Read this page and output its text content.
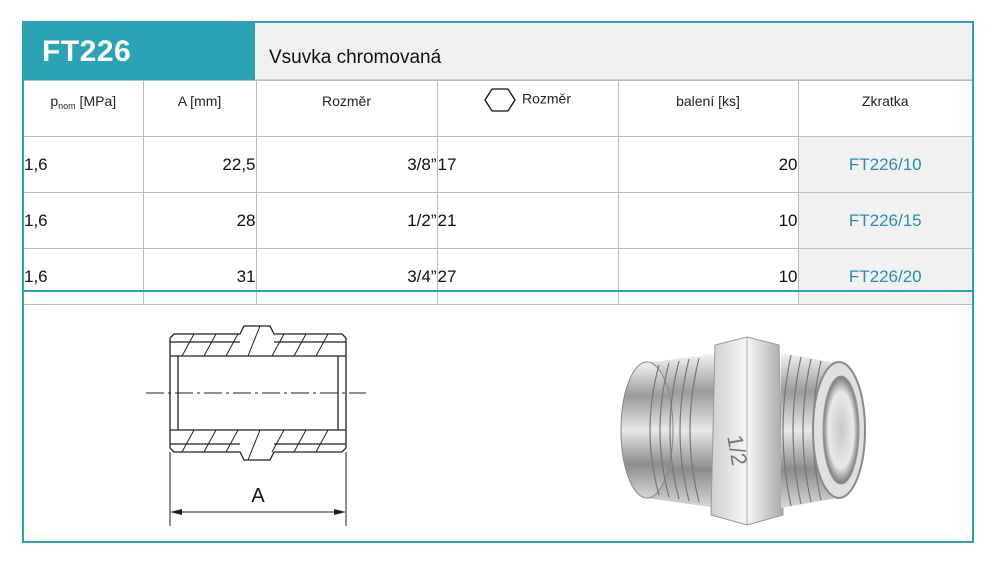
FT226	Vsuvka chromovaná
$p_{nom}$ [MPa]	A [mm]	Rozměr	Rozměr	balení [ks]	Zkratka
1,6	22,5	3/8”	17	20	FT226/10
1,6	28	1/2”	21	10	FT226/15
1,6	31	3/4”	27	10	FT226/20
A
1/2
